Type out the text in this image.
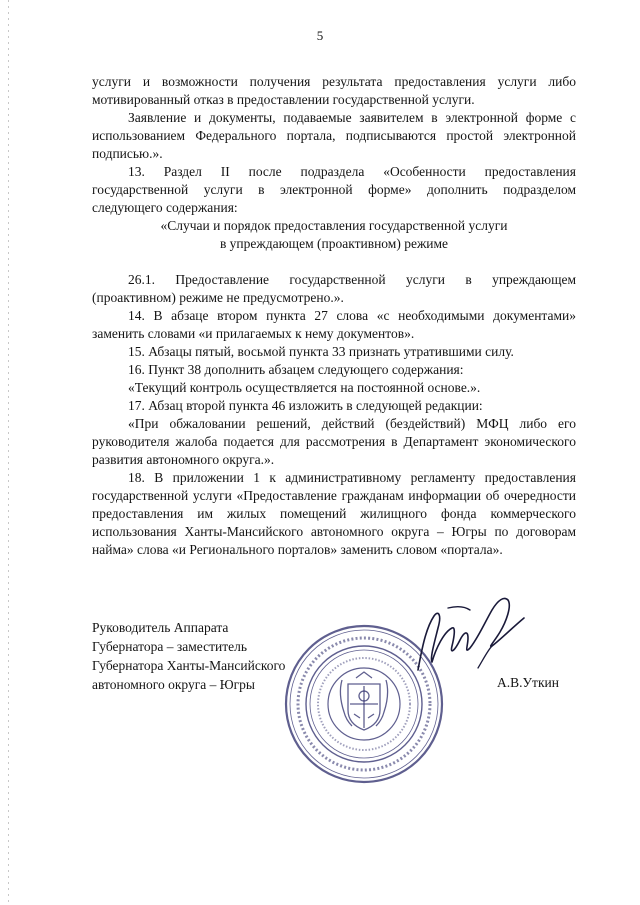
5

услуги и возможности получения результата предоставления услуги либо мотивированный отказ в предоставлении государственной услуги.

Заявление и документы, подаваемые заявителем в электронной форме с использованием Федерального портала, подписываются простой электронной подписью.».

13. Раздел II после подраздела «Особенности предоставления государственной услуги в электронной форме» дополнить подразделом следующего содержания:

«Случаи и порядок предоставления государственной услуги

в упреждающем (проактивном) режиме

26.1. Предоставление государственной услуги в упреждающем (проактивном) режиме не предусмотрено.».

14. В абзаце втором пункта 27 слова «с необходимыми документами» заменить словами «и прилагаемых к нему документов».

15. Абзацы пятый, восьмой пункта 33 признать утратившими силу.

16. Пункт 38 дополнить абзацем следующего содержания:

«Текущий контроль осуществляется на постоянной основе.».

17. Абзац второй пункта 46 изложить в следующей редакции:

«При обжаловании решений, действий (бездействий) МФЦ либо его руководителя жалоба подается для рассмотрения в Департамент экономического развития автономного округа.».

18. В приложении 1 к административному регламенту предоставления государственной услуги «Предоставление гражданам информации об очередности предоставления им жилых помещений жилищного фонда коммерческого использования Ханты-Мансийского автономного округа – Югры по договорам найма» слова «и Регионального порталов» заменить словом «портала».

Руководитель Аппарата
Губернатора – заместитель
Губернатора Ханты-Мансийского
автономного округа – Югры	А.В.Уткин
